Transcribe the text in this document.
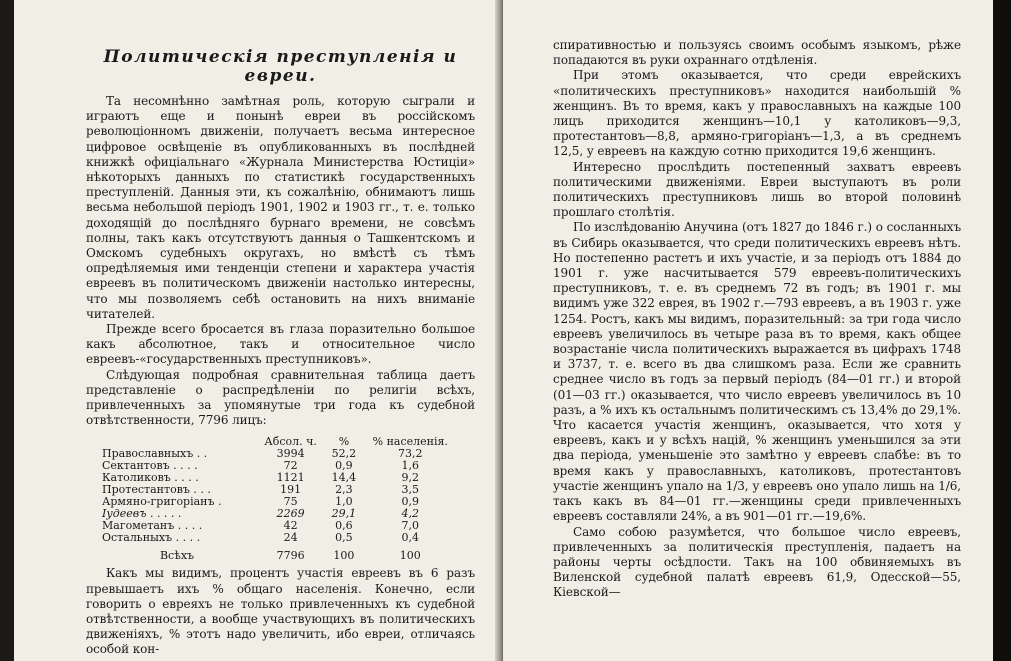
Политическія преступленія и евреи.

Та несомнѣнно замѣтная роль, которую сыграли и играютъ еще и понынѣ евреи въ россійскомъ революціонномъ движеніи, получаетъ весьма интересное цифровое освѣщеніе въ опубликованныхъ въ послѣдней книжкѣ офиціальнаго «Журнала Министерства Юстиціи» нѣкоторыхъ данныхъ по статистикѣ государственныхъ преступленій. Данныя эти, къ сожалѣнію, обнимаютъ лишь весьма небольшой періодъ 1901, 1902 и 1903 гг., т. е. только доходящій до послѣдняго бурнаго времени, не совсѣмъ полны, такъ какъ отсутствуютъ данныя о Ташкентскомъ и Омскомъ судебныхъ округахъ, но вмѣстѣ съ тѣмъ опредѣляемыя ими тенденціи степени и характера участія евреевъ въ политическомъ движеніи настолько интересны, что мы позволяемъ себѣ остановить на нихъ вниманіе читателей.

Прежде всего бросается въ глаза поразительно большое какъ абсолютное, такъ и относительное число евреевъ-«государственныхъ преступниковъ».

Слѣдующая подробная сравнительная таблица даетъ представленіе о распредѣленіи по религіи всѣхъ, привлеченныхъ за упомянутые три года къ судебной отвѣтственности, 7796 лицъ:

	Абсол. ч.	%	% населенія.
Православныхъ . .	3994	52,2	73,2
Сектантовъ . . . .	72	0,9	1,6
Католиковъ . . . .	1121	14,4	9,2
Протестантовъ . . .	191	2,3	3,5
Армяно-григоріанъ .	75	1,0	0,9
Іудеевъ . . . . .	2269	29,1	4,2
Магометанъ . . . .	42	0,6	7,0
Остальныхъ . . . .	24	0,5	0,4
Всѣхъ	7796	100	100

Какъ мы видимъ, процентъ участія евреевъ въ 6 разъ превышаетъ ихъ % общаго населенія. Конечно, если говорить о евреяхъ не только привлеченныхъ къ судебной отвѣтственности, а вообще участвующихъ въ политическихъ движеніяхъ, % этотъ надо увеличить, ибо евреи, отличаясь особой кон-

спиративностью и пользуясь своимъ особымъ языкомъ, рѣже попадаются въ руки охраннаго отдѣленія.

При этомъ оказывается, что среди еврейскихъ «политическихъ преступниковъ» находится наибольшій % женщинъ. Въ то время, какъ у православныхъ на каждые 100 лицъ приходится женщинъ—10,1 у католиковъ—9,3, протестантовъ—8,8, армяно-григоріанъ—1,3, а въ среднемъ 12,5, у евреевъ на каждую сотню приходится 19,6 женщинъ.

Интересно прослѣдить постепенный захватъ евреевъ политическими движеніями. Евреи выступаютъ въ роли политическихъ преступниковъ лишь во второй половинѣ прошлаго столѣтія.

По изслѣдованію Анучина (отъ 1827 до 1846 г.) о сосланныхъ въ Сибирь оказывается, что среди политическихъ евреевъ нѣтъ. Но постепенно растетъ и ихъ участіе, и за періодъ отъ 1884 до 1901 г. уже насчитывается 579 евреевъ-политическихъ преступниковъ, т. е. въ среднемъ 72 въ годъ; въ 1901 г. мы видимъ уже 322 еврея, въ 1902 г.—793 евреевъ, а въ 1903 г. уже 1254. Ростъ, какъ мы видимъ, поразительный: за три года число евреевъ увеличилось въ четыре раза въ то время, какъ общее возрастаніе числа политическихъ выражается въ цифрахъ 1748 и 3737, т. е. всего въ два слишкомъ раза. Если же сравнить среднее число въ годъ за первый періодъ (84—01 гг.) и второй (01—03 гг.) оказывается, что число евреевъ увеличилось въ 10 разъ, а % ихъ къ остальнымъ политическимъ съ 13,4% до 29,1%. Что касается участія женщинъ, оказывается, что хотя у евреевъ, какъ и у всѣхъ націй, % женщинъ уменьшился за эти два періода, уменьшеніе это замѣтно у евреевъ слабѣе: въ то время какъ у православныхъ, католиковъ, протестантовъ участіе женщинъ упало на 1/3, у евреевъ оно упало лишь на 1/6, такъ какъ въ 84—01 гг.—женщины среди привлеченныхъ евреевъ составляли 24%, а въ 901—01 гг.—19,6%.

Само собою разумѣется, что большое число евреевъ, привлеченныхъ за политическія преступленія, падаетъ на районы черты осѣдлости. Такъ на 100 обвиняемыхъ въ Виленской судебной палатѣ евреевъ 61,9, Одесской—55, Кіевской—
